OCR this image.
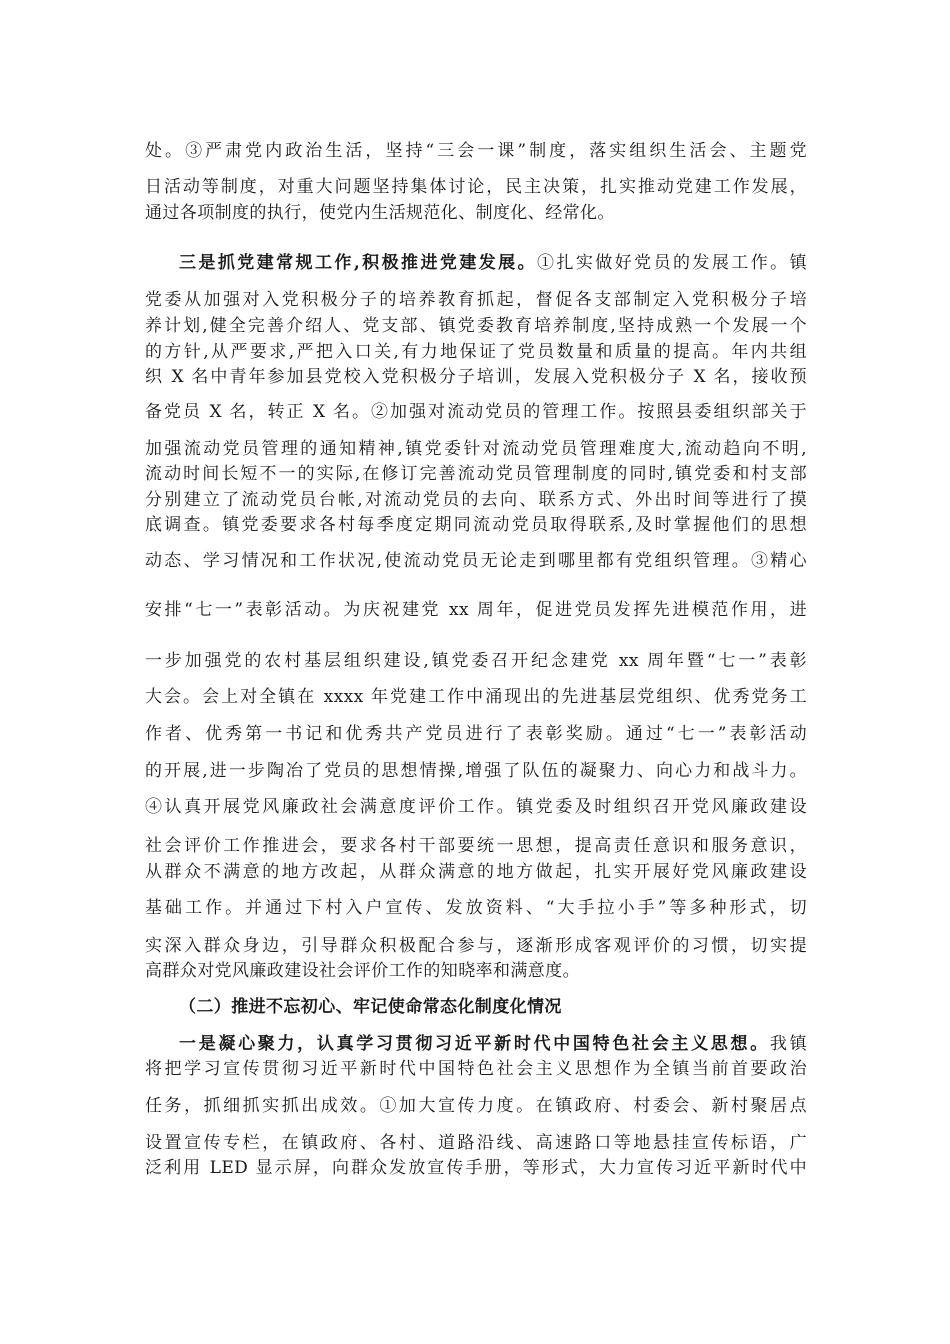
处。③严肃党内政治生活，坚持“三会一课”制度，落实组织生活会、主题党
日活动等制度，对重大问题坚持集体讨论，民主决策，扎实推动党建工作发展，
通过各项制度的执行，使党内生活规范化、制度化、经常化。
三是抓党建常规工作,积极推进党建发展。①扎实做好党员的发展工作。镇
党委从加强对入党积极分子的培养教育抓起，督促各支部制定入党积极分子培
养计划,健全完善介绍人、党支部、镇党委教育培养制度,坚持成熟一个发展一个
的方针,从严要求,严把入口关,有力地保证了党员数量和质量的提高。年内共组
织 X 名中青年参加县党校入党积极分子培训，发展入党积极分子 X 名，接收预
备党员 X 名，转正 X 名。②加强对流动党员的管理工作。按照县委组织部关于
加强流动党员管理的通知精神,镇党委针对流动党员管理难度大,流动趋向不明,
流动时间长短不一的实际,在修订完善流动党员管理制度的同时,镇党委和村支部
分别建立了流动党员台帐,对流动党员的去向、联系方式、外出时间等进行了摸
底调查。镇党委要求各村每季度定期同流动党员取得联系,及时掌握他们的思想
动态、学习情况和工作状况,使流动党员无论走到哪里都有党组织管理。③精心
安排“七一”表彰活动。为庆祝建党 xx 周年，促进党员发挥先进模范作用，进
一步加强党的农村基层组织建设,镇党委召开纪念建党 xx 周年暨“七一”表彰
大会。会上对全镇在 xxxx 年党建工作中涌现出的先进基层党组织、优秀党务工
作者、优秀第一书记和优秀共产党员进行了表彰奖励。通过“七一”表彰活动
的开展,进一步陶冶了党员的思想情操,增强了队伍的凝聚力、向心力和战斗力。
④认真开展党风廉政社会满意度评价工作。镇党委及时组织召开党风廉政建设
社会评价工作推进会，要求各村干部要统一思想，提高责任意识和服务意识，
从群众不满意的地方改起，从群众满意的地方做起，扎实开展好党风廉政建设
基础工作。并通过下村入户宣传、发放资料、“大手拉小手”等多种形式，切
实深入群众身边，引导群众积极配合参与，逐渐形成客观评价的习惯，切实提
高群众对党风廉政建设社会评价工作的知晓率和满意度。
（二）推进不忘初心、牢记使命常态化制度化情况
一是凝心聚力，认真学习贯彻习近平新时代中国特色社会主义思想。我镇
将把学习宣传贯彻习近平新时代中国特色社会主义思想作为全镇当前首要政治
任务，抓细抓实抓出成效。①加大宣传力度。在镇政府、村委会、新村聚居点
设置宣传专栏，在镇政府、各村、道路沿线、高速路口等地悬挂宣传标语，广
泛利用 LED 显示屏，向群众发放宣传手册，等形式，大力宣传习近平新时代中
